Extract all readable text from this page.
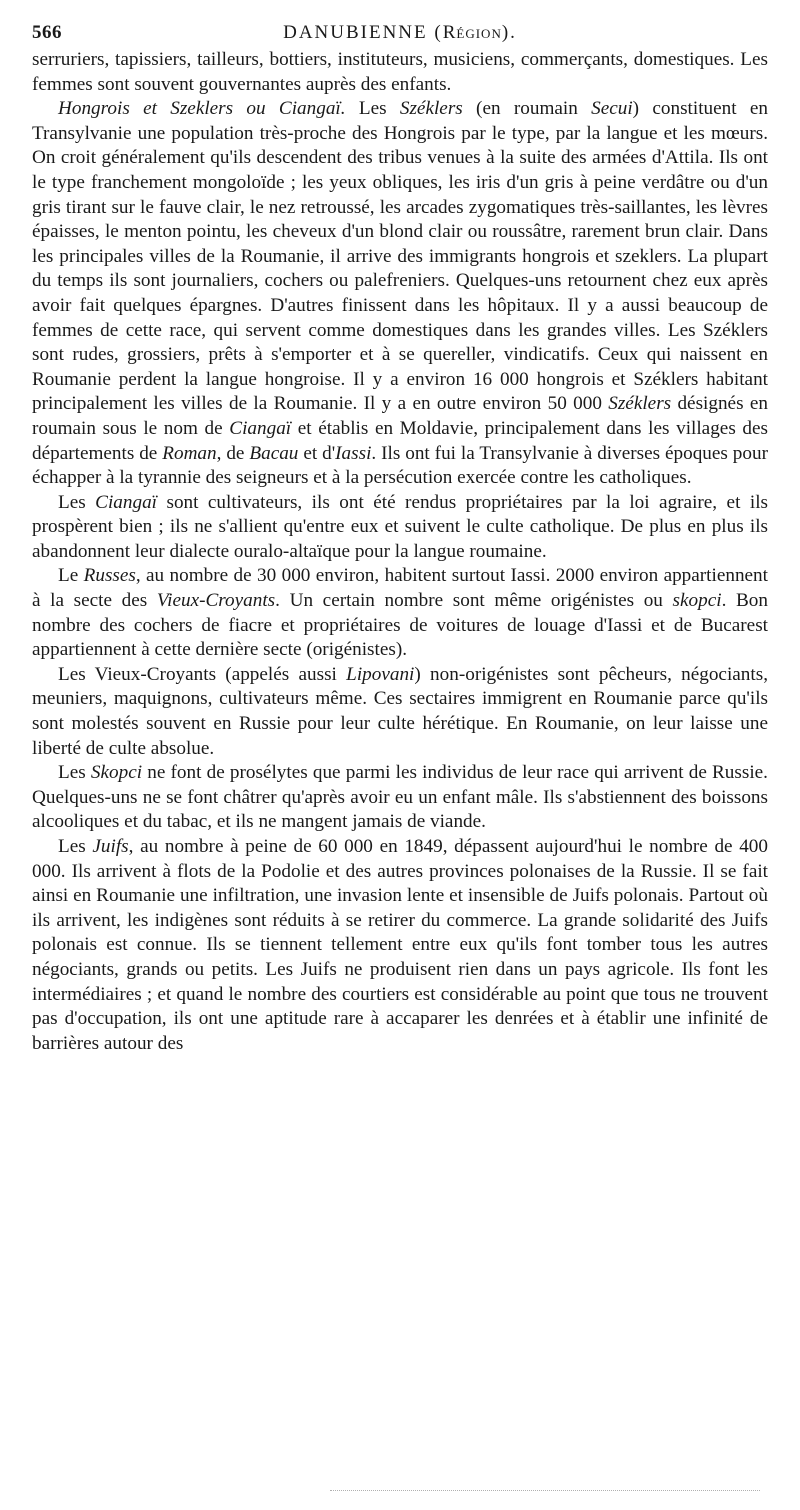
566	DANUBIENNE (Région).

serruriers, tapissiers, tailleurs, bottiers, instituteurs, musiciens, commerçants, domestiques. Les femmes sont souvent gouvernantes auprès des enfants.

Hongrois et Szeklers ou Ciangaï. Les Széklers (en roumain Secui) constituent en Transylvanie une population très-proche des Hongrois par le type, par la langue et les mœurs. On croit généralement qu'ils descendent des tribus venues à la suite des armées d'Attila. Ils ont le type franchement mongoloïde ; les yeux obliques, les iris d'un gris à peine verdâtre ou d'un gris tirant sur le fauve clair, le nez retroussé, les arcades zygomatiques très-saillantes, les lèvres épaisses, le menton pointu, les cheveux d'un blond clair ou roussâtre, rarement brun clair. Dans les principales villes de la Roumanie, il arrive des immigrants hongrois et szeklers. La plupart du temps ils sont journaliers, cochers ou palefreniers. Quelques-uns retournent chez eux après avoir fait quelques épargnes. D'autres finissent dans les hôpitaux. Il y a aussi beaucoup de femmes de cette race, qui servent comme domestiques dans les grandes villes. Les Széklers sont rudes, grossiers, prêts à s'emporter et à se quereller, vindicatifs. Ceux qui naissent en Roumanie perdent la langue hongroise. Il y a environ 16 000 hongrois et Széklers habitant principalement les villes de la Roumanie. Il y a en outre environ 50 000 Széklers désignés en roumain sous le nom de Ciangaï et établis en Moldavie, principalement dans les villages des départements de Roman, de Bacau et d'Iassi. Ils ont fui la Transylvanie à diverses époques pour échapper à la tyrannie des seigneurs et à la persécution exercée contre les catholiques.

Les Ciangaï sont cultivateurs, ils ont été rendus propriétaires par la loi agraire, et ils prospèrent bien ; ils ne s'allient qu'entre eux et suivent le culte catholique. De plus en plus ils abandonnent leur dialecte ouralo-altaïque pour la langue roumaine.

Le Russes, au nombre de 30 000 environ, habitent surtout Iassi. 2000 environ appartiennent à la secte des Vieux-Croyants. Un certain nombre sont même origénistes ou skopci. Bon nombre des cochers de fiacre et propriétaires de voitures de louage d'Iassi et de Bucarest appartiennent à cette dernière secte (origénistes).

Les Vieux-Croyants (appelés aussi Lipovani) non-origénistes sont pêcheurs, négociants, meuniers, maquignons, cultivateurs même. Ces sectaires immigrent en Roumanie parce qu'ils sont molestés souvent en Russie pour leur culte hérétique. En Roumanie, on leur laisse une liberté de culte absolue.

Les Skopci ne font de prosélytes que parmi les individus de leur race qui arrivent de Russie. Quelques-uns ne se font châtrer qu'après avoir eu un enfant mâle. Ils s'abstiennent des boissons alcooliques et du tabac, et ils ne mangent jamais de viande.

Les Juifs, au nombre à peine de 60 000 en 1849, dépassent aujourd'hui le nombre de 400 000. Ils arrivent à flots de la Podolie et des autres provinces polonaises de la Russie. Il se fait ainsi en Roumanie une infiltration, une invasion lente et insensible de Juifs polonais. Partout où ils arrivent, les indigènes sont réduits à se retirer du commerce. La grande solidarité des Juifs polonais est connue. Ils se tiennent tellement entre eux qu'ils font tomber tous les autres négociants, grands ou petits. Les Juifs ne produisent rien dans un pays agricole. Ils font les intermédiaires ; et quand le nombre des courtiers est considérable au point que tous ne trouvent pas d'occupation, ils ont une aptitude rare à accaparer les denrées et à établir une infinité de barrières autour des
